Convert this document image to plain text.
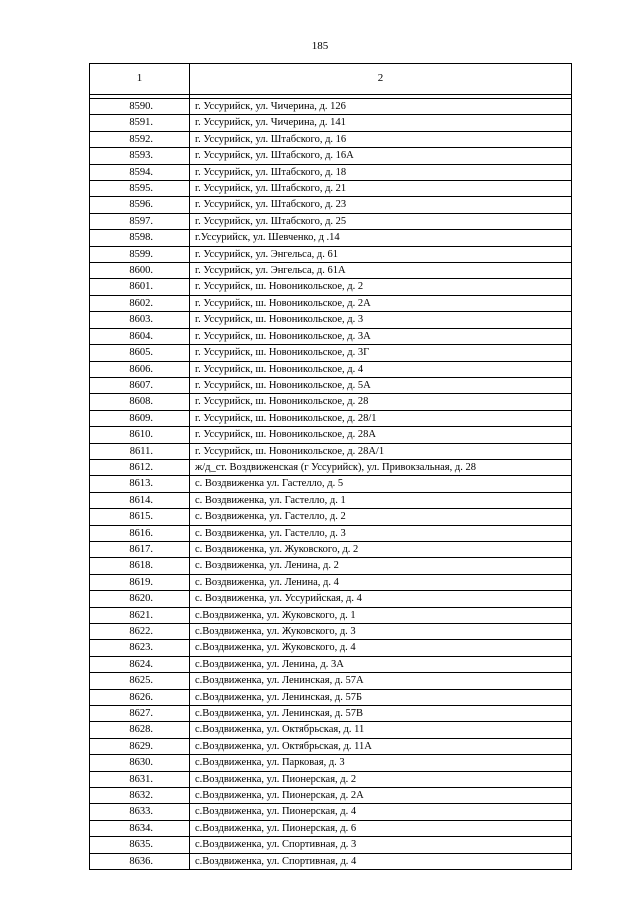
185
1	2

8590.	г. Уссурийск, ул. Чичерина, д. 126
8591.	г. Уссурийск, ул. Чичерина, д. 141
8592.	г. Уссурийск, ул. Штабского, д. 16
8593.	г. Уссурийск, ул. Штабского, д. 16А
8594.	г. Уссурийск, ул. Штабского, д. 18
8595.	г. Уссурийск, ул. Штабского, д. 21
8596.	г. Уссурийск, ул. Штабского, д. 23
8597.	г. Уссурийск, ул. Штабского, д. 25
8598.	г.Уссурийск, ул. Шевченко, д .14
8599.	г. Уссурийск, ул. Энгельса, д. 61
8600.	г. Уссурийск, ул. Энгельса, д. 61А
8601.	г. Уссурийск, ш. Новоникольское, д. 2
8602.	г. Уссурийск, ш. Новоникольское, д. 2А
8603.	г. Уссурийск, ш. Новоникольское, д. 3
8604.	г. Уссурийск, ш. Новоникольское, д. 3А
8605.	г. Уссурийск, ш. Новоникольское, д. 3Г
8606.	г. Уссурийск, ш. Новоникольское, д. 4
8607.	г. Уссурийск, ш. Новоникольское, д. 5А
8608.	г. Уссурийск, ш. Новоникольское, д. 28
8609.	г. Уссурийск, ш. Новоникольское, д. 28/1
8610.	г. Уссурийск, ш. Новоникольское, д. 28А
8611.	г. Уссурийск, ш. Новоникольское, д. 28А/1
8612.	ж/д_ст. Воздвиженская (г Уссурийск), ул. Привокзальная, д. 28
8613.	с. Воздвиженка ул. Гастелло, д. 5
8614.	с. Воздвиженка, ул. Гастелло, д. 1
8615.	с. Воздвиженка, ул. Гастелло, д. 2
8616.	с. Воздвиженка, ул. Гастелло, д. 3
8617.	с. Воздвиженка, ул. Жуковского, д. 2
8618.	с. Воздвиженка, ул. Ленина, д. 2
8619.	с. Воздвиженка, ул. Ленина, д. 4
8620.	с. Воздвиженка, ул. Уссурийская, д. 4
8621.	с.Воздвиженка, ул. Жуковского, д. 1
8622.	с.Воздвиженка, ул. Жуковского, д. 3
8623.	с.Воздвиженка, ул. Жуковского, д. 4
8624.	с.Воздвиженка, ул. Ленина, д. 3А
8625.	с.Воздвиженка, ул. Ленинская, д. 57А
8626.	с.Воздвиженка, ул. Ленинская, д. 57Б
8627.	с.Воздвиженка, ул. Ленинская, д. 57В
8628.	с.Воздвиженка, ул. Октябрьская, д. 11
8629.	с.Воздвиженка, ул. Октябрьская, д. 11А
8630.	с.Воздвиженка, ул. Парковая, д. 3
8631.	с.Воздвиженка, ул. Пионерская, д. 2
8632.	с.Воздвиженка, ул. Пионерская, д. 2А
8633.	с.Воздвиженка, ул. Пионерская, д. 4
8634.	с.Воздвиженка, ул. Пионерская, д. 6
8635.	с.Воздвиженка, ул. Спортивная, д. 3
8636.	с.Воздвиженка, ул. Спортивная, д. 4
